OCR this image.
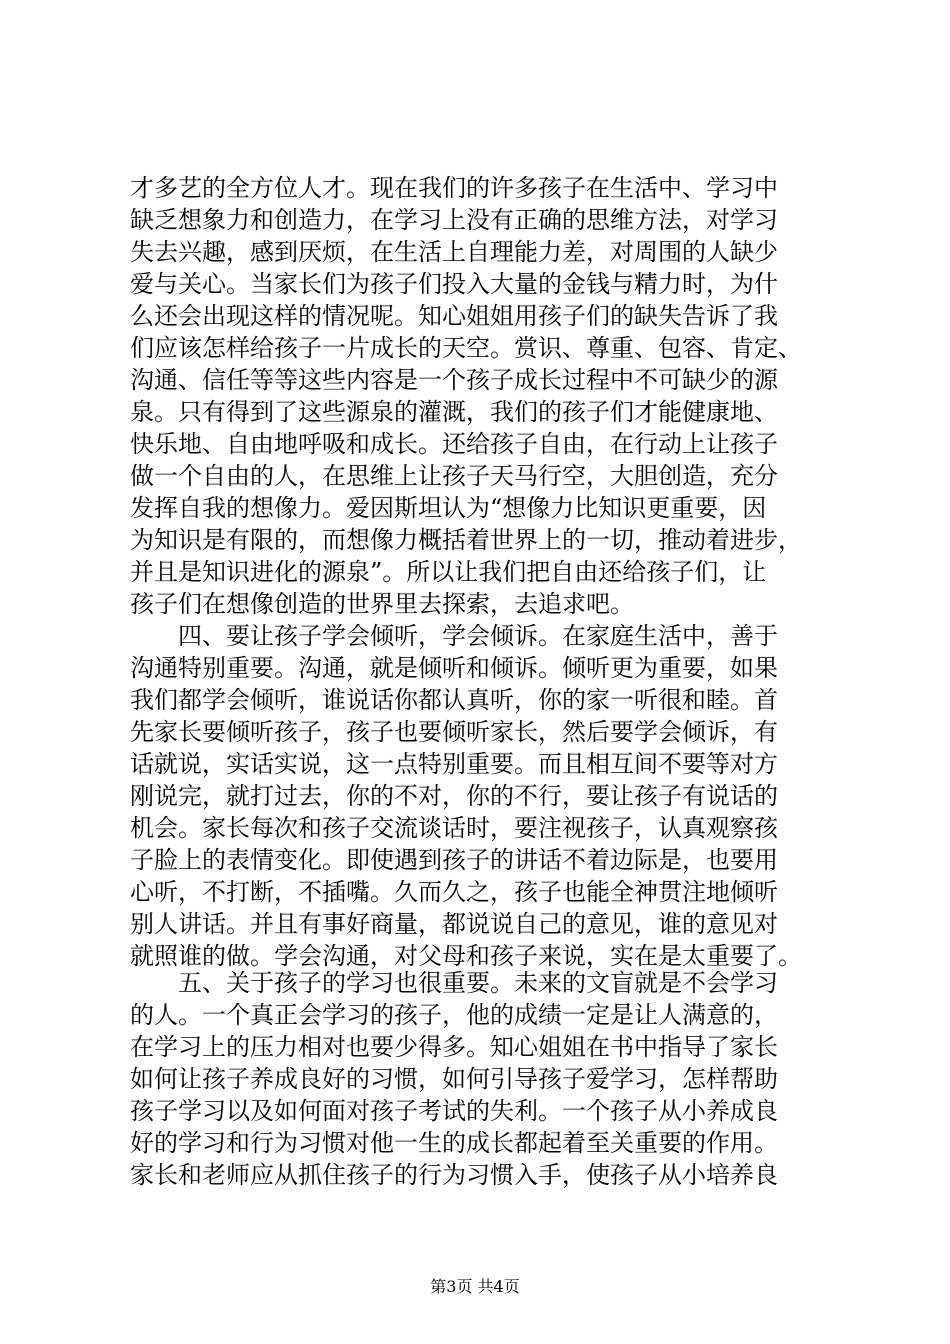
才多艺的全方位人才。现在我们的许多孩子在生活中、学习中
缺乏想象力和创造力，在学习上没有正确的思维方法，对学习
失去兴趣，感到厌烦，在生活上自理能力差，对周围的人缺少
爱与关心。当家长们为孩子们投入大量的金钱与精力时，为什
么还会出现这样的情况呢。知心姐姐用孩子们的缺失告诉了我
们应该怎样给孩子一片成长的天空。赏识、尊重、包容、肯定、
沟通、信任等等这些内容是一个孩子成长过程中不可缺少的源
泉。只有得到了这些源泉的灌溉，我们的孩子们才能健康地、
快乐地、自由地呼吸和成长。还给孩子自由，在行动上让孩子
做一个自由的人，在思维上让孩子天马行空，大胆创造，充分
发挥自我的想像力。爱因斯坦认为“想像力比知识更重要，因
为知识是有限的，而想像力概括着世界上的一切，推动着进步，
并且是知识进化的源泉”。所以让我们把自由还给孩子们，让
孩子们在想像创造的世界里去探索，去追求吧。
　　四、要让孩子学会倾听，学会倾诉。在家庭生活中，善于
沟通特别重要。沟通，就是倾听和倾诉。倾听更为重要，如果
我们都学会倾听，谁说话你都认真听，你的家一听很和睦。首
先家长要倾听孩子，孩子也要倾听家长，然后要学会倾诉，有
话就说，实话实说，这一点特别重要。而且相互间不要等对方
刚说完，就打过去，你的不对，你的不行，要让孩子有说话的
机会。家长每次和孩子交流谈话时，要注视孩子，认真观察孩
子脸上的表情变化。即使遇到孩子的讲话不着边际是，也要用
心听，不打断，不插嘴。久而久之，孩子也能全神贯注地倾听
别人讲话。并且有事好商量，都说说自己的意见，谁的意见对
就照谁的做。学会沟通，对父母和孩子来说，实在是太重要了。
　　五、关于孩子的学习也很重要。未来的文盲就是不会学习
的人。一个真正会学习的孩子，他的成绩一定是让人满意的，
在学习上的压力相对也要少得多。知心姐姐在书中指导了家长
如何让孩子养成良好的习惯，如何引导孩子爱学习，怎样帮助
孩子学习以及如何面对孩子考试的失利。一个孩子从小养成良
好的学习和行为习惯对他一生的成长都起着至关重要的作用。
家长和老师应从抓住孩子的行为习惯入手，使孩子从小培养良
第3页 共4页
